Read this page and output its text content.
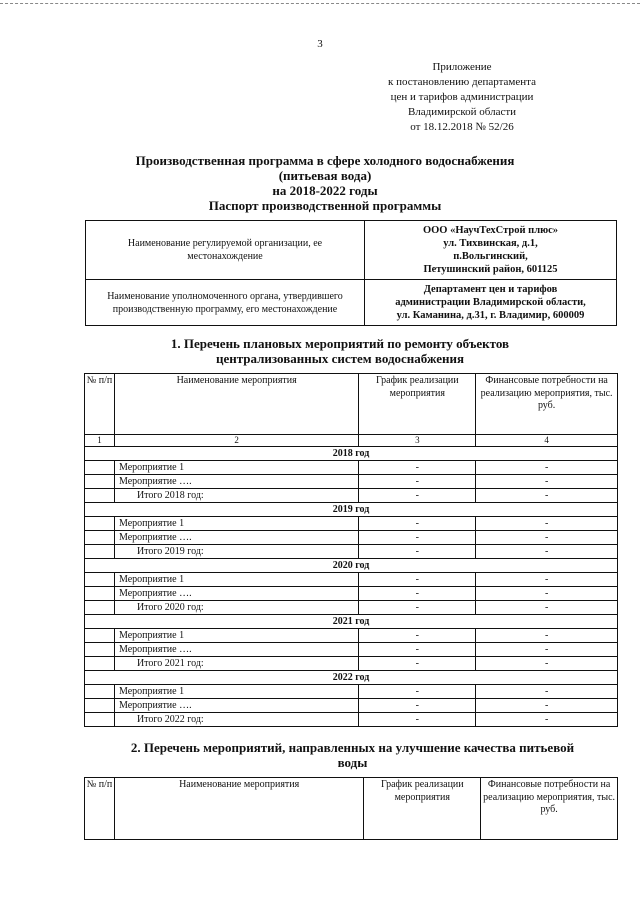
3
Приложение
к постановлению департамента
цен и тарифов администрации
Владимирской области
от 18.12.2018 № 52/26
Производственная программа в сфере холодного водоснабжения
(питьевая вода)
на 2018-2022 годы
Паспорт производственной программы
Наименование регулируемой организации, ее местонахождение	ООО «НаучТехСтрой плюс»
ул. Тихвинская, д.1,
п.Вольгинский,
Петушинский район, 601125

Наименование уполномоченного органа, утвердившего производственную программу, его местонахождение	Департамент цен и тарифов
администрации Владимирской области,
ул. Каманина, д.31, г. Владимир, 600009
1. Перечень плановых мероприятий по ремонту объектов
централизованных систем водоснабжения
№ п/п	Наименование мероприятия	График реализации мероприятия	Финансовые потребности на реализацию мероприятия, тыс. руб.
1	2	3	4
2018 год			
	Мероприятие 1	-	-
	Мероприятие ….	-	-
	Итого 2018 год:	-	-
2019 год			
	Мероприятие 1	-	-
	Мероприятие ….	-	-
	Итого 2019 год:	-	-
2020 год			
	Мероприятие 1	-	-
	Мероприятие ….	-	-
	Итого 2020 год:	-	-
2021 год			
	Мероприятие 1	-	-
	Мероприятие ….	-	-
	Итого 2021 год:	-	-
2022 год			
	Мероприятие 1	-	-
	Мероприятие ….	-	-
	Итого 2022 год:	-	-
2. Перечень мероприятий, направленных на улучшение качества питьевой
воды
№ п/п	Наименование мероприятия	График реализации мероприятия	Финансовые потребности на реализацию мероприятия, тыс. руб.
